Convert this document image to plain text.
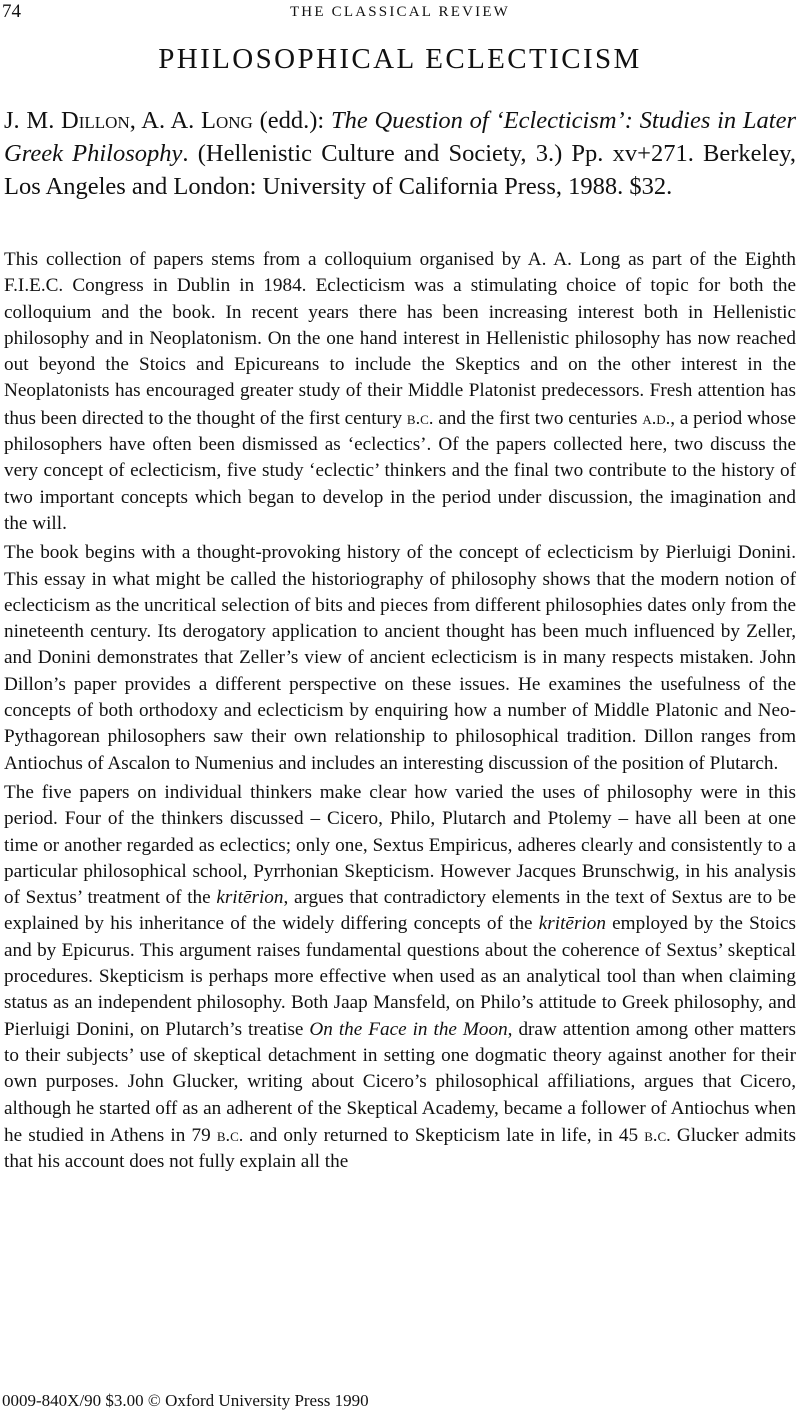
74	THE CLASSICAL REVIEW
PHILOSOPHICAL ECLECTICISM
J. M. Dillon, A. A. Long (edd.): The Question of ‘Eclecticism’: Studies in Later Greek Philosophy. (Hellenistic Culture and Society, 3.) Pp. xv+271. Berkeley, Los Angeles and London: University of California Press, 1988. $32.

This collection of papers stems from a colloquium organised by A. A. Long as part of the Eighth F.I.E.C. Congress in Dublin in 1984. Eclecticism was a stimulating choice of topic for both the colloquium and the book. In recent years there has been increasing interest both in Hellenistic philosophy and in Neoplatonism. On the one hand interest in Hellenistic philosophy has now reached out beyond the Stoics and Epicureans to include the Skeptics and on the other interest in the Neoplatonists has encouraged greater study of their Middle Platonist predecessors. Fresh attention has thus been directed to the thought of the first century b.c. and the first two centuries a.d., a period whose philosophers have often been dismissed as ‘eclectics’. Of the papers collected here, two discuss the very concept of eclecticism, five study ‘eclectic’ thinkers and the final two contribute to the history of two important concepts which began to develop in the period under discussion, the imagination and the will.

The book begins with a thought-provoking history of the concept of eclecticism by Pierluigi Donini. This essay in what might be called the historiography of philosophy shows that the modern notion of eclecticism as the uncritical selection of bits and pieces from different philosophies dates only from the nineteenth century. Its derogatory application to ancient thought has been much influenced by Zeller, and Donini demonstrates that Zeller’s view of ancient eclecticism is in many respects mistaken. John Dillon’s paper provides a different perspective on these issues. He examines the usefulness of the concepts of both orthodoxy and eclecticism by enquiring how a number of Middle Platonic and Neo-Pythagorean philosophers saw their own relationship to philosophical tradition. Dillon ranges from Antiochus of Ascalon to Numenius and includes an interesting discussion of the position of Plutarch.

The five papers on individual thinkers make clear how varied the uses of philosophy were in this period. Four of the thinkers discussed – Cicero, Philo, Plutarch and Ptolemy – have all been at one time or another regarded as eclectics; only one, Sextus Empiricus, adheres clearly and consistently to a particular philosophical school, Pyrrhonian Skepticism. However Jacques Brunschwig, in his analysis of Sextus’ treatment of the kritērion, argues that contradictory elements in the text of Sextus are to be explained by his inheritance of the widely differing concepts of the kritērion employed by the Stoics and by Epicurus. This argument raises fundamental questions about the coherence of Sextus’ skeptical procedures. Skepticism is perhaps more effective when used as an analytical tool than when claiming status as an independent philosophy. Both Jaap Mansfeld, on Philo’s attitude to Greek philosophy, and Pierluigi Donini, on Plutarch’s treatise On the Face in the Moon, draw attention among other matters to their subjects’ use of skeptical detachment in setting one dogmatic theory against another for their own purposes. John Glucker, writing about Cicero’s philosophical affiliations, argues that Cicero, although he started off as an adherent of the Skeptical Academy, became a follower of Antiochus when he studied in Athens in 79 b.c. and only returned to Skepticism late in life, in 45 b.c. Glucker admits that his account does not fully explain all the

0009-840X/90 $3.00 © Oxford University Press 1990
